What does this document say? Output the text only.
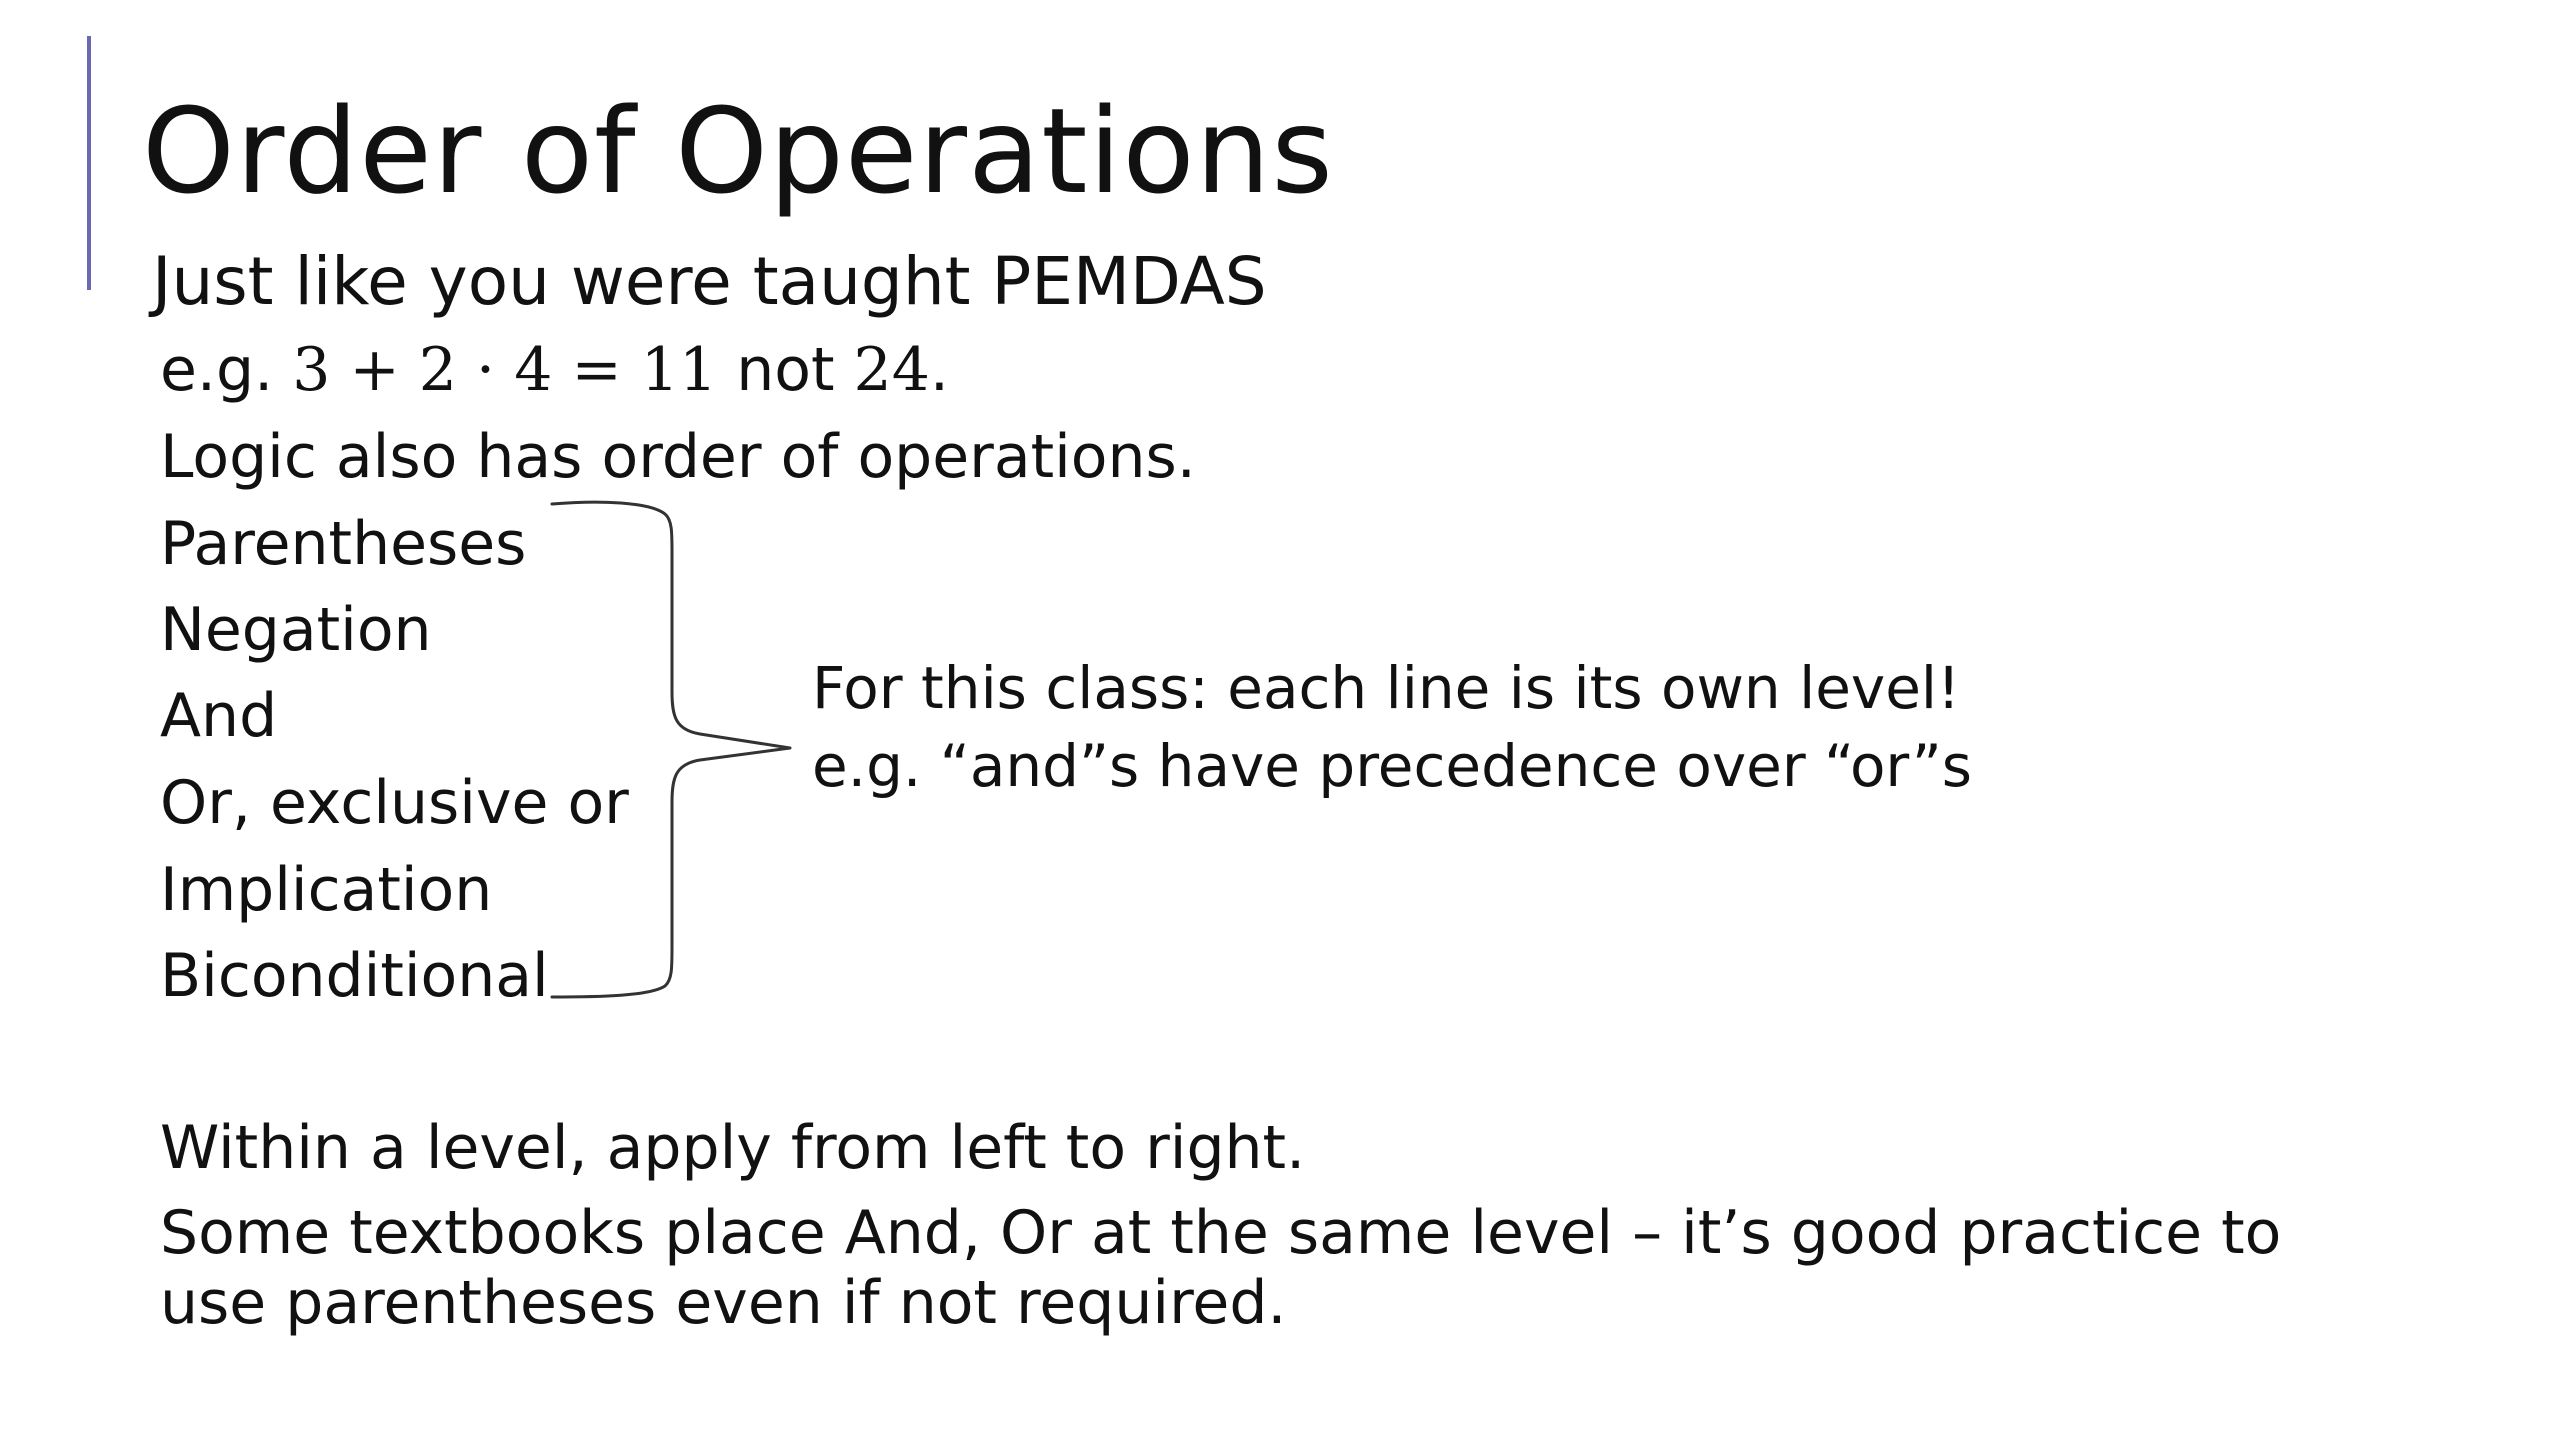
Order of Operations
Just like you were taught PEMDAS
e.g. 3 + 2 · 4 = 11 not 24.
Logic also has order of operations.
Parentheses
Negation
And
Or, exclusive or
Implication
Biconditional
For this class: each line is its own level!
e.g. “and”s have precedence over “or”s
Within a level, apply from left to right.
Some textbooks place And, Or at the same level – it’s good practice to use parentheses even if not required.
